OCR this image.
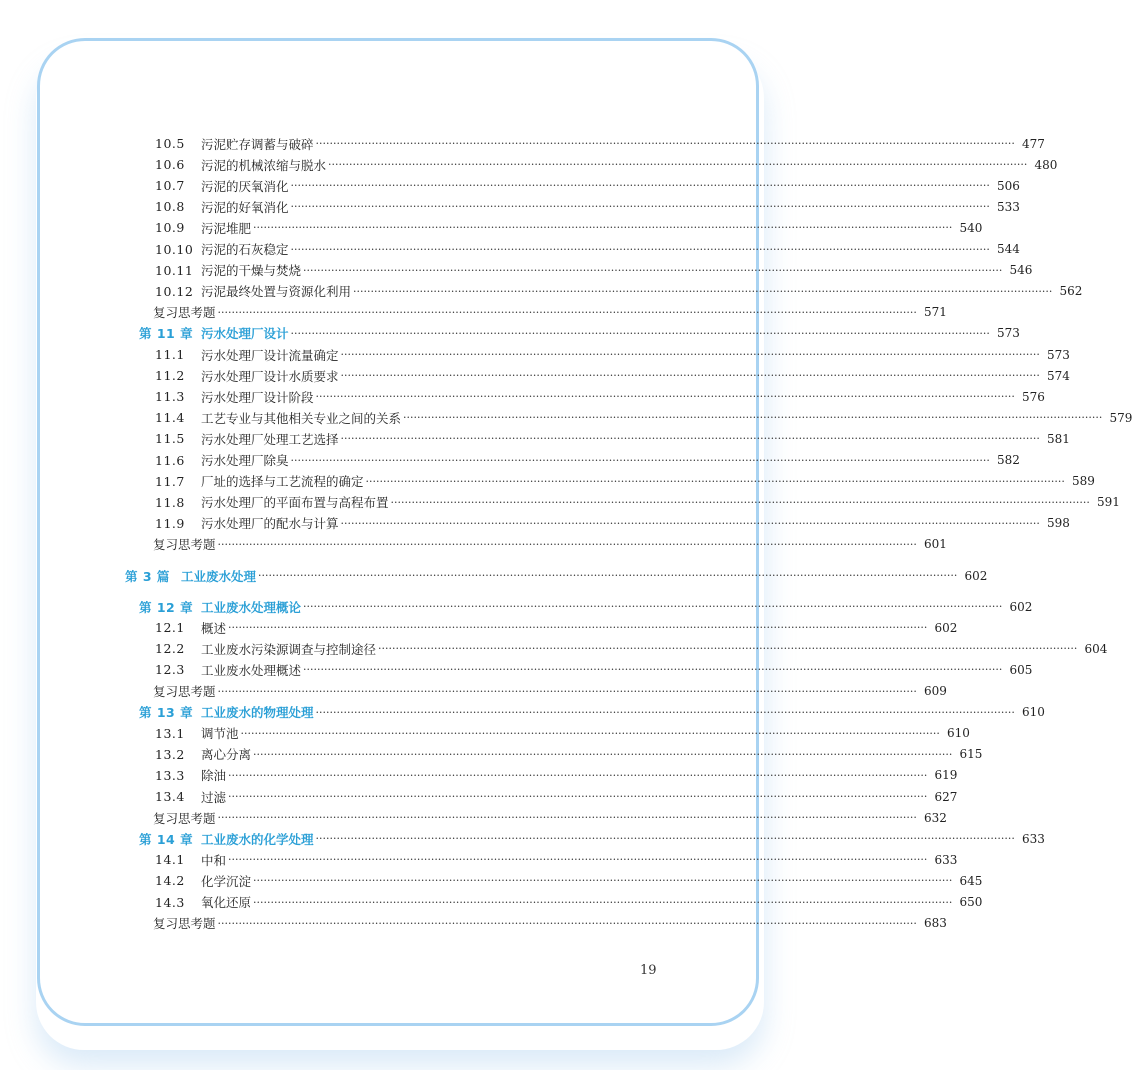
10.5	污泥贮存调蓄与破碎 ········································································································································································································ 477
10.6	污泥的机械浓缩与脱水 ········································································································································································································ 480
10.7	污泥的厌氧消化 ········································································································································································································ 506
10.8	污泥的好氧消化 ········································································································································································································ 533
10.9	污泥堆肥 ········································································································································································································ 540
10.10 污泥的石灰稳定 ········································································································································································································ 544
10.11 污泥的干燥与焚烧 ········································································································································································································ 546
10.12 污泥最终处置与资源化利用 ········································································································································································································ 562
复习思考题 ········································································································································································································ 571
第 11 章 污水处理厂设计 ········································································································································································································ 573
11.1	污水处理厂设计流量确定 ········································································································································································································ 573
11.2	污水处理厂设计水质要求 ········································································································································································································ 574
11.3	污水处理厂设计阶段 ········································································································································································································ 576
11.4	工艺专业与其他相关专业之间的关系 ········································································································································································································ 579
11.5	污水处理厂处理工艺选择 ········································································································································································································ 581
11.6	污水处理厂除臭 ········································································································································································································ 582
11.7	厂址的选择与工艺流程的确定 ········································································································································································································ 589
11.8	污水处理厂的平面布置与高程布置 ········································································································································································································ 591
11.9	污水处理厂的配水与计算 ········································································································································································································ 598
复习思考题 ········································································································································································································ 601
第 3 篇 工业废水处理 ········································································································································································································ 602
第 12 章 工业废水处理概论 ········································································································································································································ 602
12.1	概述 ········································································································································································································ 602
12.2	工业废水污染源调查与控制途径 ········································································································································································································ 604
12.3	工业废水处理概述 ········································································································································································································ 605
复习思考题 ········································································································································································································ 609
第 13 章 工业废水的物理处理 ········································································································································································································ 610
13.1	调节池 ········································································································································································································ 610
13.2	离心分离 ········································································································································································································ 615
13.3	除油 ········································································································································································································ 619
13.4	过滤 ········································································································································································································ 627
复习思考题 ········································································································································································································ 632
第 14 章 工业废水的化学处理 ········································································································································································································ 633
14.1	中和 ········································································································································································································ 633
14.2	化学沉淀 ········································································································································································································ 645
14.3	氧化还原 ········································································································································································································ 650
复习思考题 ········································································································································································································ 683
19
